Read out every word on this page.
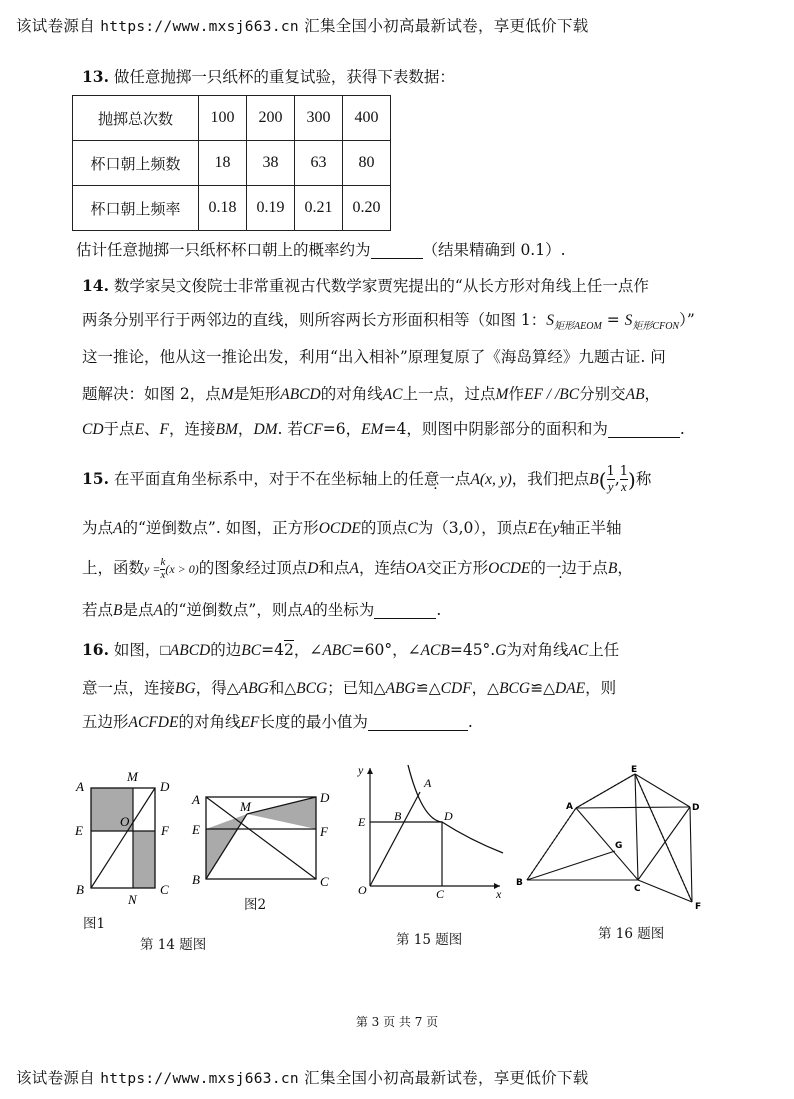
该试卷源自 https://www.mxsj663.cn 汇集全国小初高最新试卷，享更低价下载
13. 做任意抛掷一只纸杯的重复试验，获得下表数据：
抛掷总次数	100	200	300	400
杯口朝上频数	18	38	63	80
杯口朝上频率	0.18	0.19	0.21	0.20
估计任意抛掷一只纸杯杯口朝上的概率约为	（结果精确到 0.1）.
14. 数学家吴文俊院士非常重视古代数学家贾宪提出的“从长方形对角线上任一点作
两条分别平行于两邻边的直线，则所容两长方形面积相等（如图 1：$S_{矩形AEOM} = S_{矩形CFON}$）”
这一推论，他从这一推论出发，利用“出入相补”原理复原了《海岛算经》九题古证. 问
题解决：如图 2，点M是矩形ABCD的对角线AC上一点，过点M作EF / /BC分别交AB，
CD于点E、F，连接BM，DM. 若CF=6，EM=4，则图中阴影部分的面积和为	.
15. 在平面直角坐标系中，对于不在坐标轴上的任意一点A(x, y)，我们把点$B( \frac{1}{y}$ , $\frac{1}{x}$ )称
为点A的“逆倒数点”. 如图，正方形OCDE的顶点C为（3,0），顶点E在y轴正半轴
上，函数$y = \frac{k}{x} (x > 0)$的图象经过顶点D和点A，连结OA交正方形OCDE的一边于点B，
若点B是点A的“逆倒数点”，则点A的坐标为	.
16. 如图，□ABCD的边BC=42，∠ABC=60°，∠ACB=45°.G为对角线AC上任
意一点，连接BG，得△ABG和△BCG；已知△ABG≌△CDF，△BCG≌△DAE，则
五边形ACFDE的对角线EF长度的最小值为	.
A
M
D
E
O
F
B
N
C
图1
A	D
E
M
F
B	C
图2
第 14 题图
y
A
E B	D
O	C	x
第 15 题图
E
A	D
G
B
C
F
第 16 题图
第 3 页 共 7 页
该试卷源自 https://www.mxsj663.cn 汇集全国小初高最新试卷，享更低价下载
